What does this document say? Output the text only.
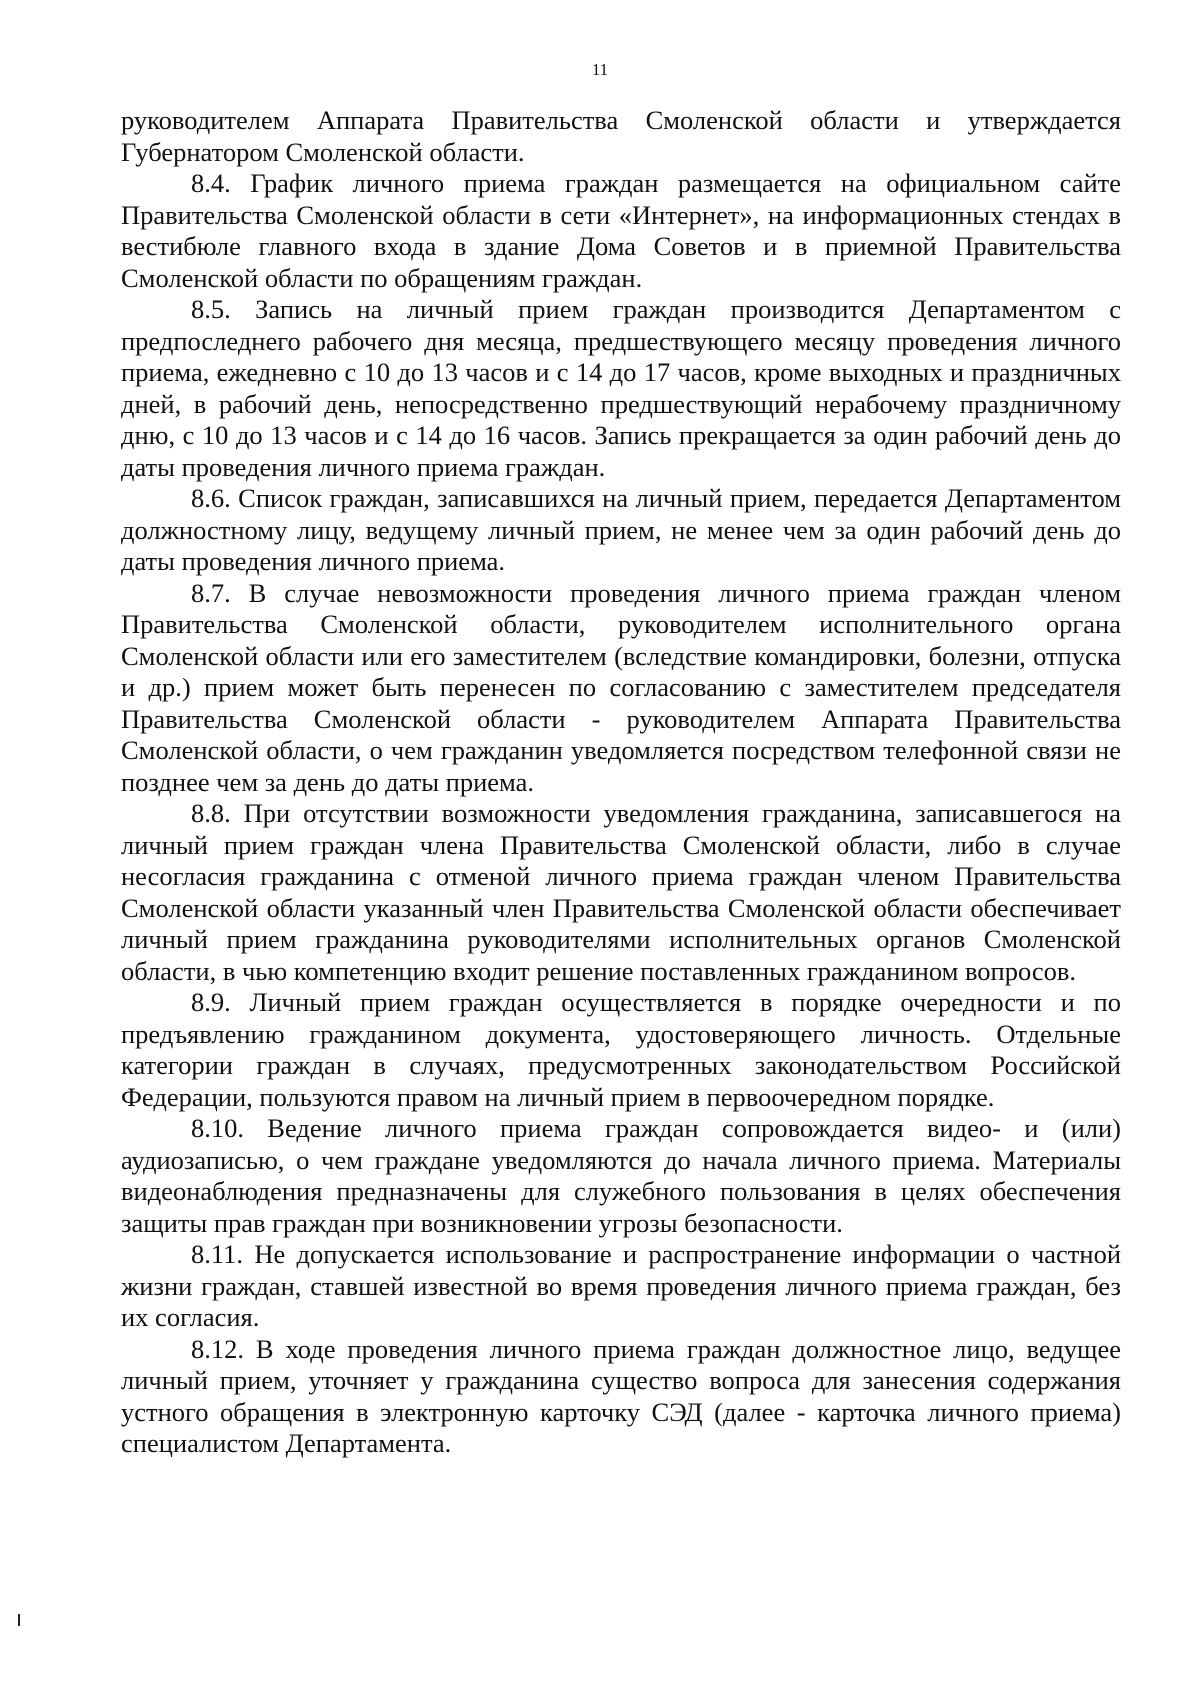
11

руководителем Аппарата Правительства Смоленской области и утверждается Губернатором Смоленской области.

8.4. График личного приема граждан размещается на официальном сайте Правительства Смоленской области в сети «Интернет», на информационных стендах в вестибюле главного входа в здание Дома Советов и в приемной Правительства Смоленской области по обращениям граждан.

8.5. Запись на личный прием граждан производится Департаментом с предпоследнего рабочего дня месяца, предшествующего месяцу проведения личного приема, ежедневно с 10 до 13 часов и с 14 до 17 часов, кроме выходных и праздничных дней, в рабочий день, непосредственно предшествующий нерабочему праздничному дню, с 10 до 13 часов и с 14 до 16 часов. Запись прекращается за один рабочий день до даты проведения личного приема граждан.

8.6. Список граждан, записавшихся на личный прием, передается Департаментом должностному лицу, ведущему личный прием, не менее чем за один рабочий день до даты проведения личного приема.

8.7. В случае невозможности проведения личного приема граждан членом Правительства Смоленской области, руководителем исполнительного органа Смоленской области или его заместителем (вследствие командировки, болезни, отпуска и др.) прием может быть перенесен по согласованию с заместителем председателя Правительства Смоленской области - руководителем Аппарата Правительства Смоленской области, о чем гражданин уведомляется посредством телефонной связи не позднее чем за день до даты приема.

8.8. При отсутствии возможности уведомления гражданина, записавшегося на личный прием граждан члена Правительства Смоленской области, либо в случае несогласия гражданина с отменой личного приема граждан членом Правительства Смоленской области указанный член Правительства Смоленской области обеспечивает личный прием гражданина руководителями исполнительных органов Смоленской области, в чью компетенцию входит решение поставленных гражданином вопросов.

8.9. Личный прием граждан осуществляется в порядке очередности и по предъявлению гражданином документа, удостоверяющего личность. Отдельные категории граждан в случаях, предусмотренных законодательством Российской Федерации, пользуются правом на личный прием в первоочередном порядке.

8.10. Ведение личного приема граждан сопровождается видео- и (или) аудиозаписью, о чем граждане уведомляются до начала личного приема. Материалы видеонаблюдения предназначены для служебного пользования в целях обеспечения защиты прав граждан при возникновении угрозы безопасности.

8.11. Не допускается использование и распространение информации о частной жизни граждан, ставшей известной во время проведения личного приема граждан, без их согласия.

8.12. В ходе проведения личного приема граждан должностное лицо, ведущее личный прием, уточняет у гражданина существо вопроса для занесения содержания устного обращения в электронную карточку СЭД (далее - карточка личного приема) специалистом Департамента.
